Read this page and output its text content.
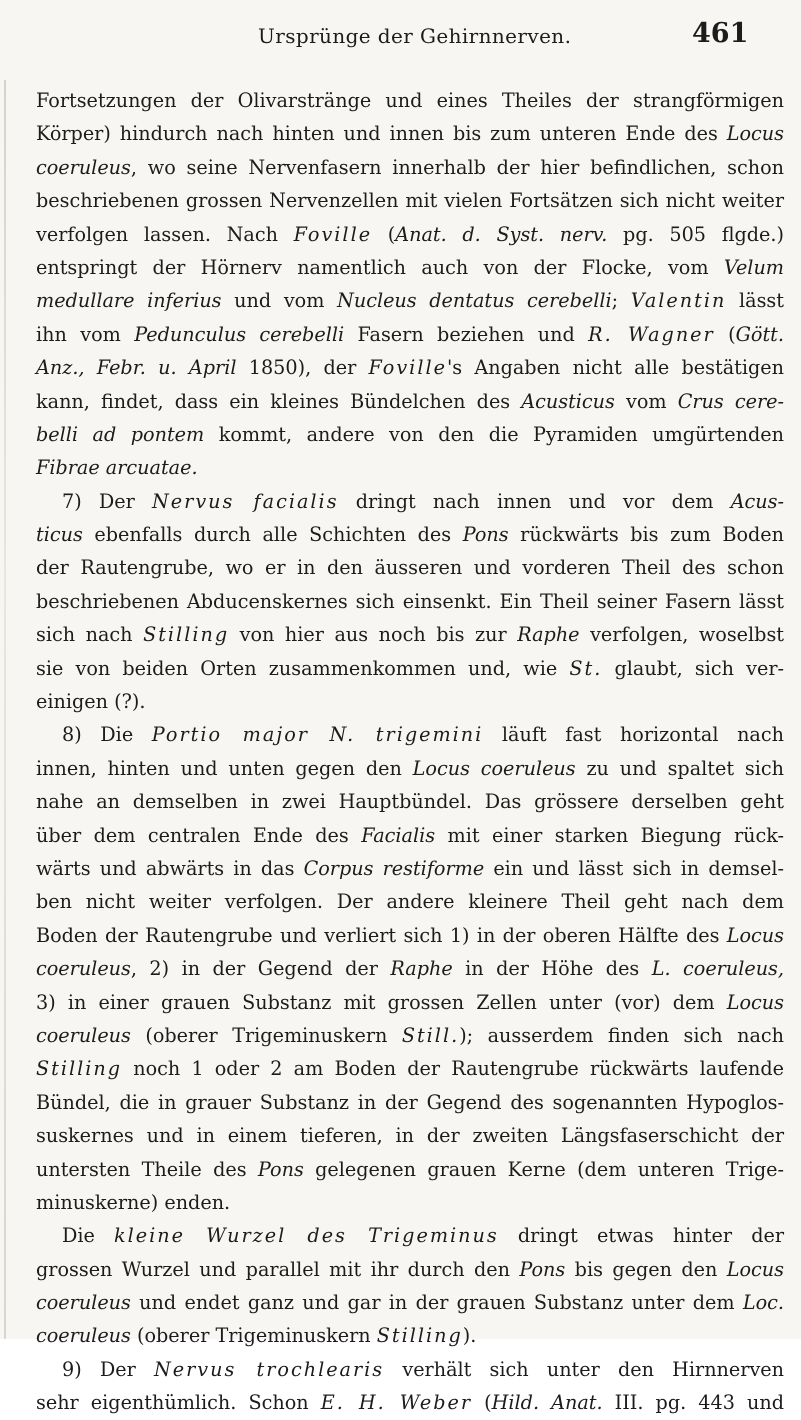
Ursprünge der Gehirnnerven.	461
Fortsetzungen der Olivarstränge und eines Theiles der strangförmigen
Körper) hindurch nach hinten und innen bis zum unteren Ende des Locus
coeruleus, wo seine Nervenfasern innerhalb der hier befindlichen, schon
beschriebenen grossen Nervenzellen mit vielen Fortsätzen sich nicht weiter
verfolgen lassen. Nach Foville (Anat. d. Syst. nerv. pg. 505 flgde.)
entspringt der Hörnerv namentlich auch von der Flocke, vom Velum
medullare inferius und vom Nucleus dentatus cerebelli; Valentin lässt
ihn vom Pedunculus cerebelli Fasern beziehen und R. Wagner (Gött.
Anz., Febr. u. April 1850), der Foville's Angaben nicht alle bestätigen
kann, findet, dass ein kleines Bündelchen des Acusticus vom Crus cere-
belli ad pontem kommt, andere von den die Pyramiden umgürtenden
Fibrae arcuatae.
7) Der Nervus facialis dringt nach innen und vor dem Acus-
ticus ebenfalls durch alle Schichten des Pons rückwärts bis zum Boden
der Rautengrube, wo er in den äusseren und vorderen Theil des schon
beschriebenen Abducenskernes sich einsenkt. Ein Theil seiner Fasern lässt
sich nach Stilling von hier aus noch bis zur Raphe verfolgen, woselbst
sie von beiden Orten zusammenkommen und, wie St. glaubt, sich ver-
einigen (?).
8) Die Portio major N. trigemini läuft fast horizontal nach
innen, hinten und unten gegen den Locus coeruleus zu und spaltet sich
nahe an demselben in zwei Hauptbündel. Das grössere derselben geht
über dem centralen Ende des Facialis mit einer starken Biegung rück-
wärts und abwärts in das Corpus restiforme ein und lässt sich in demsel-
ben nicht weiter verfolgen. Der andere kleinere Theil geht nach dem
Boden der Rautengrube und verliert sich 1) in der oberen Hälfte des Locus
coeruleus, 2) in der Gegend der Raphe in der Höhe des L. coeruleus,
3) in einer grauen Substanz mit grossen Zellen unter (vor) dem Locus
coeruleus (oberer Trigeminuskern Still.); ausserdem finden sich nach
Stilling noch 1 oder 2 am Boden der Rautengrube rückwärts laufende
Bündel, die in grauer Substanz in der Gegend des sogenannten Hypoglos-
suskernes und in einem tieferen, in der zweiten Längsfaserschicht der
untersten Theile des Pons gelegenen grauen Kerne (dem unteren Trige-
minuskerne) enden.
Die kleine Wurzel des Trigeminus dringt etwas hinter der
grossen Wurzel und parallel mit ihr durch den Pons bis gegen den Locus
coeruleus und endet ganz und gar in der grauen Substanz unter dem Loc.
coeruleus (oberer Trigeminuskern Stilling).
9) Der Nervus trochlearis verhält sich unter den Hirnnerven
sehr eigenthümlich. Schon E. H. Weber (Hild. Anat. III. pg. 443 und
